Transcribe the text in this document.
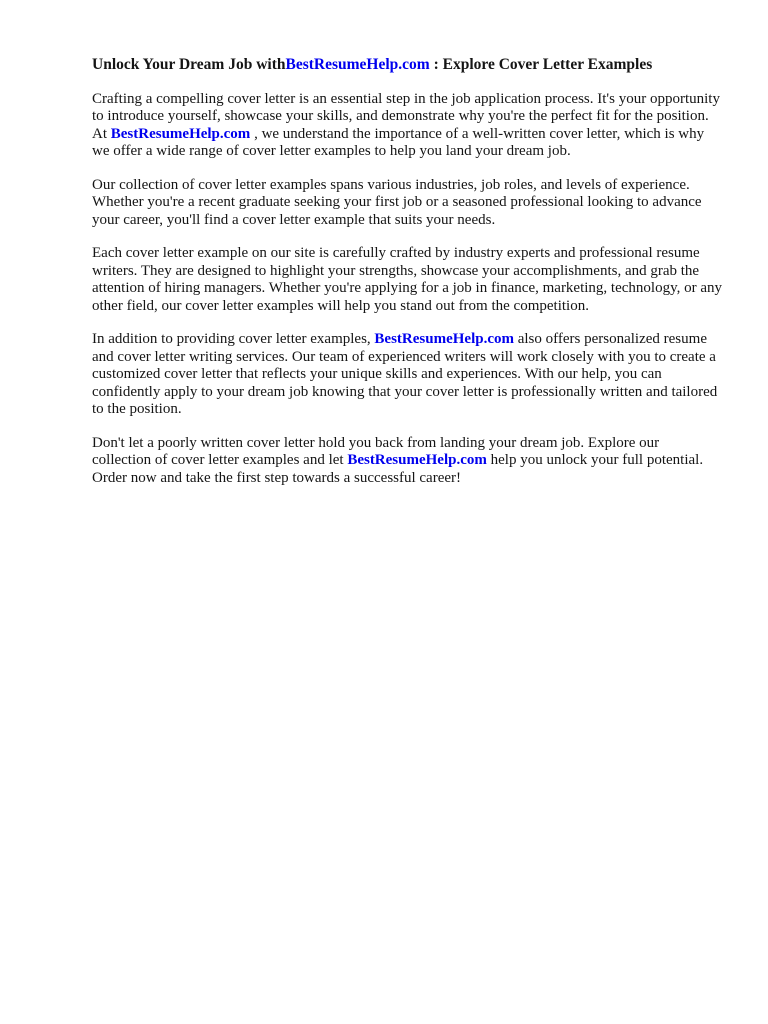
Unlock Your Dream Job withBestResumeHelp.com : Explore Cover Letter Examples

Crafting a compelling cover letter is an essential step in the job application process. It's your opportunity to introduce yourself, showcase your skills, and demonstrate why you're the perfect fit for the position. At BestResumeHelp.com , we understand the importance of a well-written cover letter, which is why we offer a wide range of cover letter examples to help you land your dream job.

Our collection of cover letter examples spans various industries, job roles, and levels of experience. Whether you're a recent graduate seeking your first job or a seasoned professional looking to advance your career, you'll find a cover letter example that suits your needs.

Each cover letter example on our site is carefully crafted by industry experts and professional resume writers. They are designed to highlight your strengths, showcase your accomplishments, and grab the attention of hiring managers. Whether you're applying for a job in finance, marketing, technology, or any other field, our cover letter examples will help you stand out from the competition.

In addition to providing cover letter examples, BestResumeHelp.com also offers personalized resume and cover letter writing services. Our team of experienced writers will work closely with you to create a customized cover letter that reflects your unique skills and experiences. With our help, you can confidently apply to your dream job knowing that your cover letter is professionally written and tailored to the position.

Don't let a poorly written cover letter hold you back from landing your dream job. Explore our collection of cover letter examples and let BestResumeHelp.com help you unlock your full potential. Order now and take the first step towards a successful career!
